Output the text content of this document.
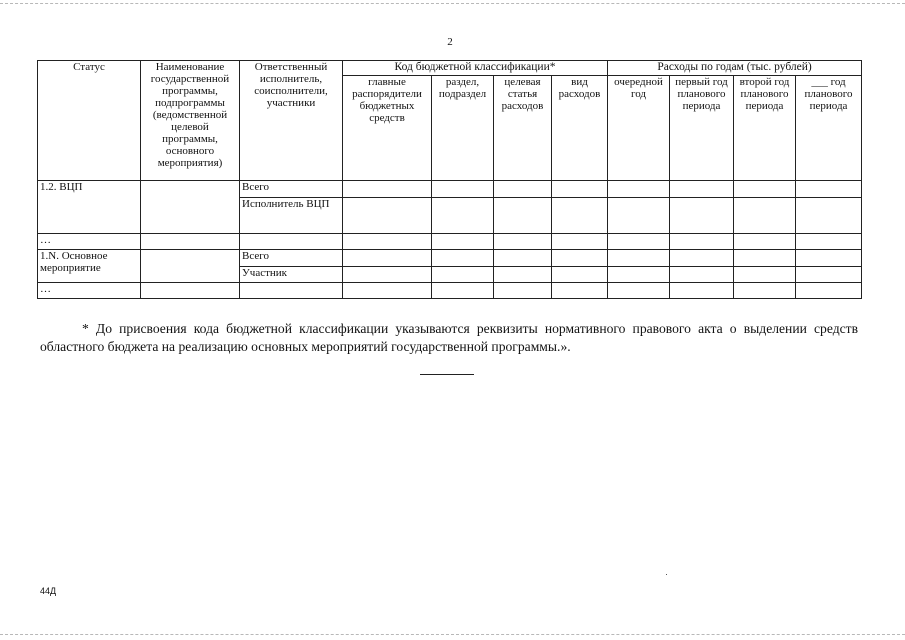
2
Статус	Наименование государственной программы, подпрограммы (ведомственной целевой программы, основного мероприятия)	Ответственный исполнитель, соисполнители, участники	Код бюджетной классификации*				Расходы по годам (тыс. рублей)			
			главные распорядители бюджетных средств	раздел, подраздел	целевая статья расходов	вид расходов	очередной год	первый год планового периода	второй год планового периода	___ год планового периода
1.2. ВЦП		Всего								
		Исполнитель ВЦП								
…										
1.N. Основное мероприятие		Всего								
		Участник								
…										

* До присвоения кода бюджетной классификации указываются реквизиты нормативного правового акта о выделении средств областного бюджета на реализацию основных мероприятий государственной программы.».

44Д
